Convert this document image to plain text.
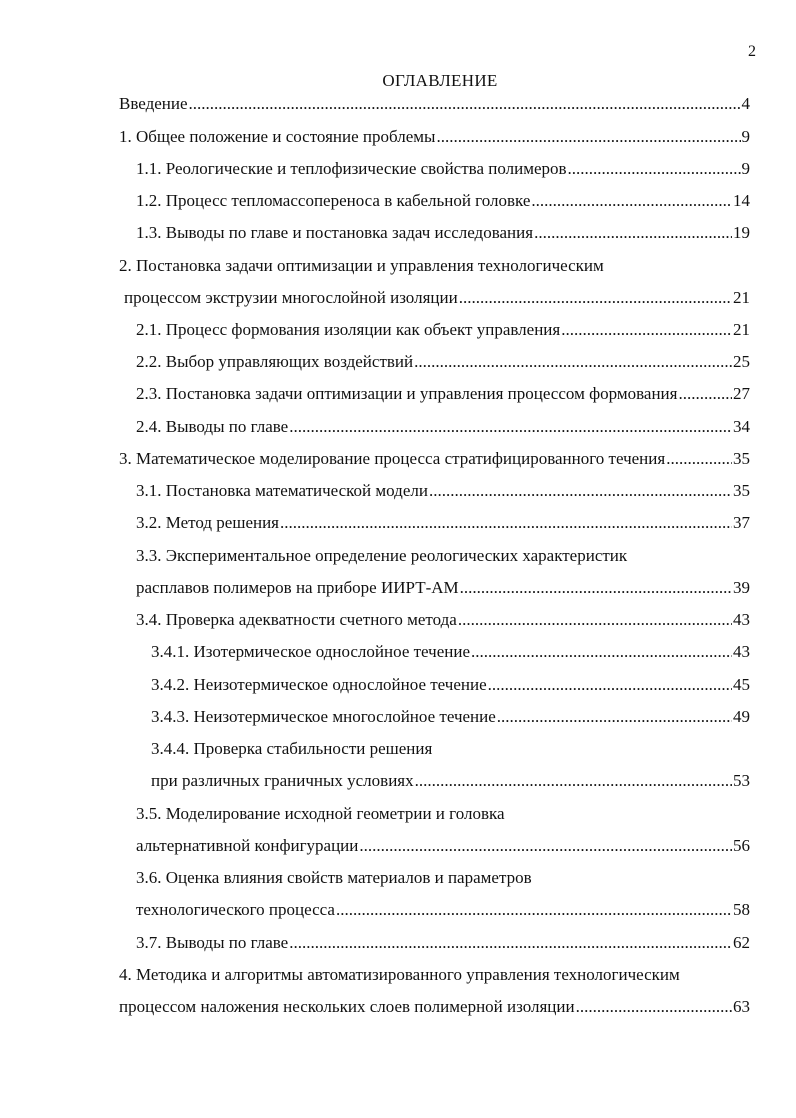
2
ОГЛАВЛЕНИЕ
Введение .....	4
1. Общее положение и состояние проблемы .....	9
1.1. Реологические и теплофизические свойства полимеров .....	9
1.2. Процесс тепломассопереноса в кабельной головке .....	14
1.3. Выводы по главе и постановка задач исследования .....	19
2. Постановка задачи оптимизации и управления технологическим
процессом экструзии многослойной изоляции .....	21
2.1. Процесс формования изоляции как объект управления .....	21
2.2. Выбор управляющих воздействий .....	25
2.3. Постановка задачи оптимизации и управления процессом формования .....	27
2.4. Выводы по главе .....	34
3. Математическое моделирование процесса стратифицированного течения .....	35
3.1. Постановка математической модели .....	35
3.2. Метод решения .....	37
3.3. Экспериментальное определение реологических характеристик
расплавов полимеров на приборе ИИРТ-АМ .....	39
3.4. Проверка адекватности счетного метода .....	43
3.4.1. Изотермическое однослойное течение .....	43
3.4.2. Неизотермическое однослойное течение .....	45
3.4.3. Неизотермическое многослойное течение .....	49
3.4.4. Проверка стабильности решения
при различных граничных условиях .....	53
3.5. Моделирование исходной геометрии и головка
альтернативной конфигурации .....	56
3.6. Оценка влияния свойств материалов и параметров
технологического процесса .....	58
3.7. Выводы по главе .....	62
4. Методика и алгоритмы автоматизированного управления технологическим
процессом наложения нескольких слоев полимерной изоляции .....	63
